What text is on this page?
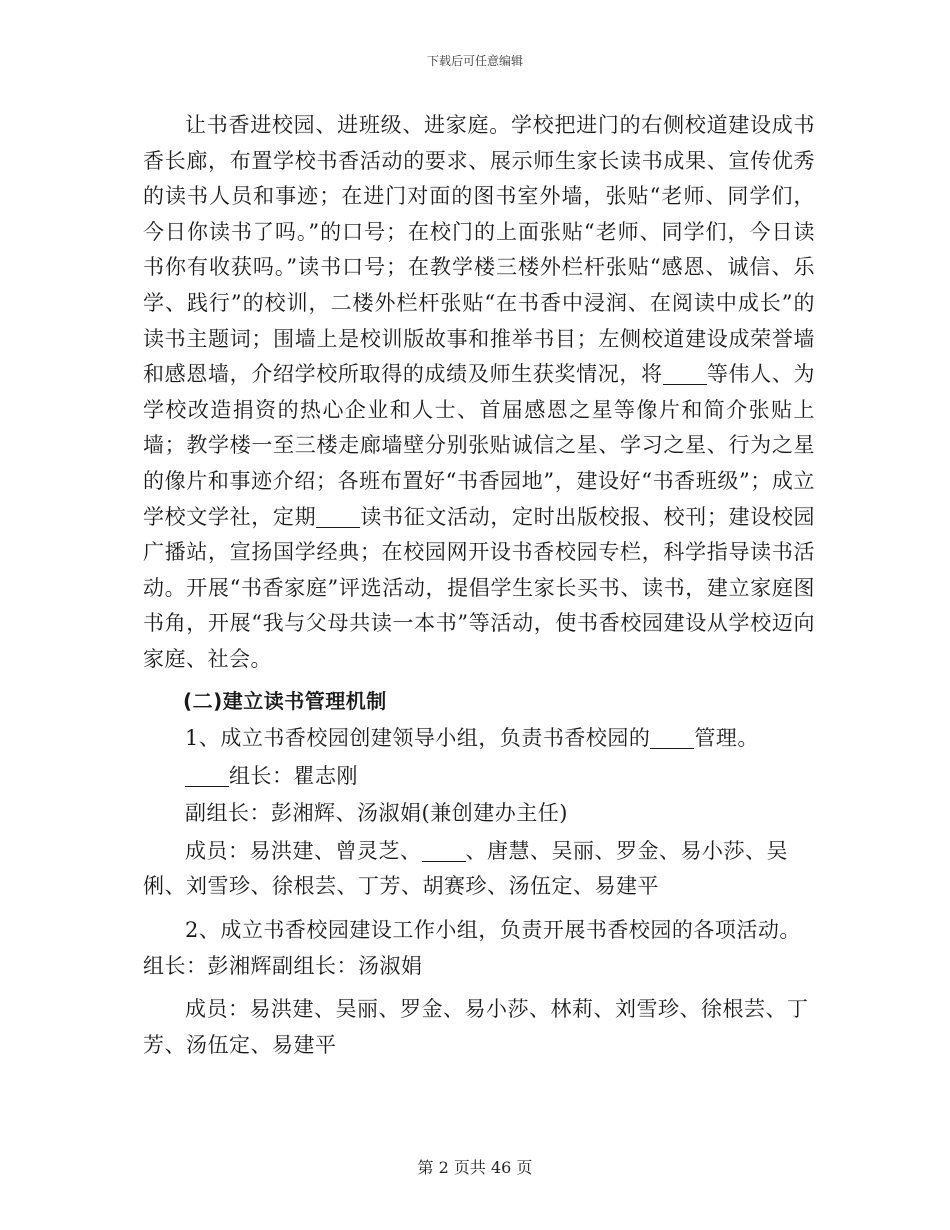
下载后可任意编辑

让书香进校园、进班级、进家庭。学校把进门的右侧校道建设成书香长廊，布置学校书香活动的要求、展示师生家长读书成果、宣传优秀的读书人员和事迹；在进门对面的图书室外墙，张贴“老师、同学们，今日你读书了吗。”的口号；在校门的上面张贴“老师、同学们，今日读书你有收获吗。”读书口号；在教学楼三楼外栏杆张贴“感恩、诚信、乐学、践行”的校训，二楼外栏杆张贴“在书香中浸润、在阅读中成长”的读书主题词；围墙上是校训版故事和推举书目；左侧校道建设成荣誉墙和感恩墙，介绍学校所取得的成绩及师生获奖情况，将 等伟人、为学校改造捐资的热心企业和人士、首届感恩之星等像片和简介张贴上墙；教学楼一至三楼走廊墙壁分别张贴诚信之星、学习之星、行为之星的像片和事迹介绍；各班布置好“书香园地”，建设好“书香班级”；成立学校文学社，定期 读书征文活动，定时出版校报、校刊；建设校园广播站，宣扬国学经典；在校园网开设书香校园专栏，科学指导读书活动。开展“书香家庭”评选活动，提倡学生家长买书、读书，建立家庭图书角，开展“我与父母共读一本书”等活动，使书香校园建设从学校迈向家庭、社会。

(二)建立读书管理机制

1、成立书香校园创建领导小组，负责书香校园的 管理。

组长：瞿志刚

副组长：彭湘辉、汤淑娟(兼创建办主任)

成员：易洪建、曾灵芝、 、唐慧、吴丽、罗金、易小莎、吴俐、刘雪珍、徐根芸、丁芳、胡赛珍、汤伍定、易建平

2、成立书香校园建设工作小组，负责开展书香校园的各项活动。组长：彭湘辉副组长：汤淑娟

成员：易洪建、吴丽、罗金、易小莎、林莉、刘雪珍、徐根芸、丁芳、汤伍定、易建平

第 2 页共 46 页
